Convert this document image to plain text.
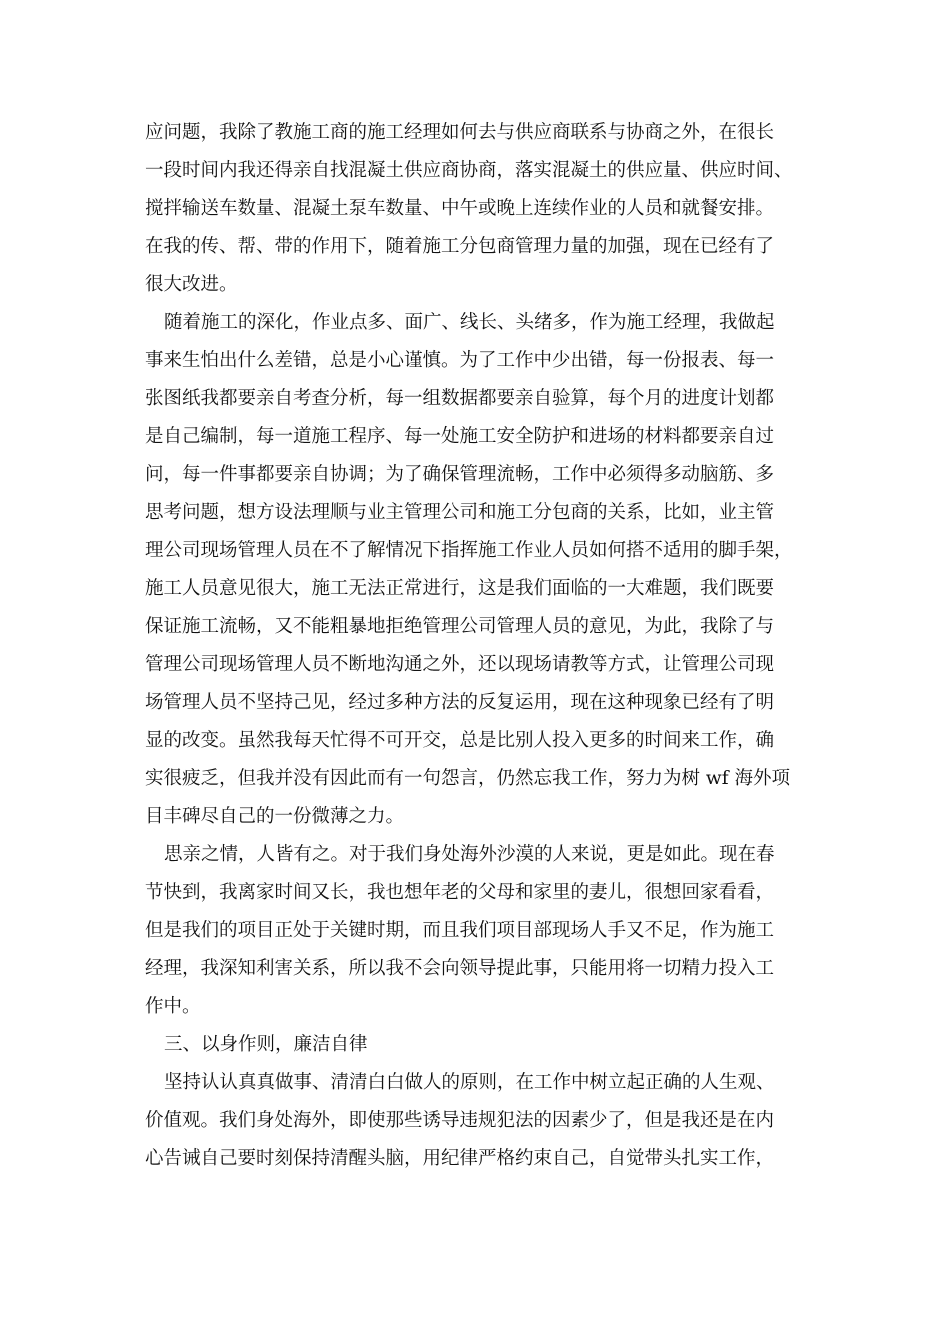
应问题，我除了教施工商的施工经理如何去与供应商联系与协商之外，在很长
一段时间内我还得亲自找混凝土供应商协商，落实混凝土的供应量、供应时间、
搅拌输送车数量、混凝土泵车数量、中午或晚上连续作业的人员和就餐安排。
在我的传、帮、带的作用下，随着施工分包商管理力量的加强，现在已经有了
很大改进。
随着施工的深化，作业点多、面广、线长、头绪多，作为施工经理，我做起
事来生怕出什么差错，总是小心谨慎。为了工作中少出错，每一份报表、每一
张图纸我都要亲自考查分析，每一组数据都要亲自验算，每个月的进度计划都
是自己编制，每一道施工程序、每一处施工安全防护和进场的材料都要亲自过
问，每一件事都要亲自协调；为了确保管理流畅，工作中必须得多动脑筋、多
思考问题，想方设法理顺与业主管理公司和施工分包商的关系，比如，业主管
理公司现场管理人员在不了解情况下指挥施工作业人员如何搭不适用的脚手架，
施工人员意见很大，施工无法正常进行，这是我们面临的一大难题，我们既要
保证施工流畅，又不能粗暴地拒绝管理公司管理人员的意见，为此，我除了与
管理公司现场管理人员不断地沟通之外，还以现场请教等方式，让管理公司现
场管理人员不坚持己见，经过多种方法的反复运用，现在这种现象已经有了明
显的改变。虽然我每天忙得不可开交，总是比别人投入更多的时间来工作，确
实很疲乏，但我并没有因此而有一句怨言，仍然忘我工作，努力为树 wf 海外项
目丰碑尽自己的一份微薄之力。
思亲之情，人皆有之。对于我们身处海外沙漠的人来说，更是如此。现在春
节快到，我离家时间又长，我也想年老的父母和家里的妻儿，很想回家看看，
但是我们的项目正处于关键时期，而且我们项目部现场人手又不足，作为施工
经理，我深知利害关系，所以我不会向领导提此事，只能用将一切精力投入工
作中。
三、以身作则，廉洁自律
坚持认认真真做事、清清白白做人的原则，在工作中树立起正确的人生观、
价值观。我们身处海外，即使那些诱导违规犯法的因素少了，但是我还是在内
心告诫自己要时刻保持清醒头脑，用纪律严格约束自己，自觉带头扎实工作，
